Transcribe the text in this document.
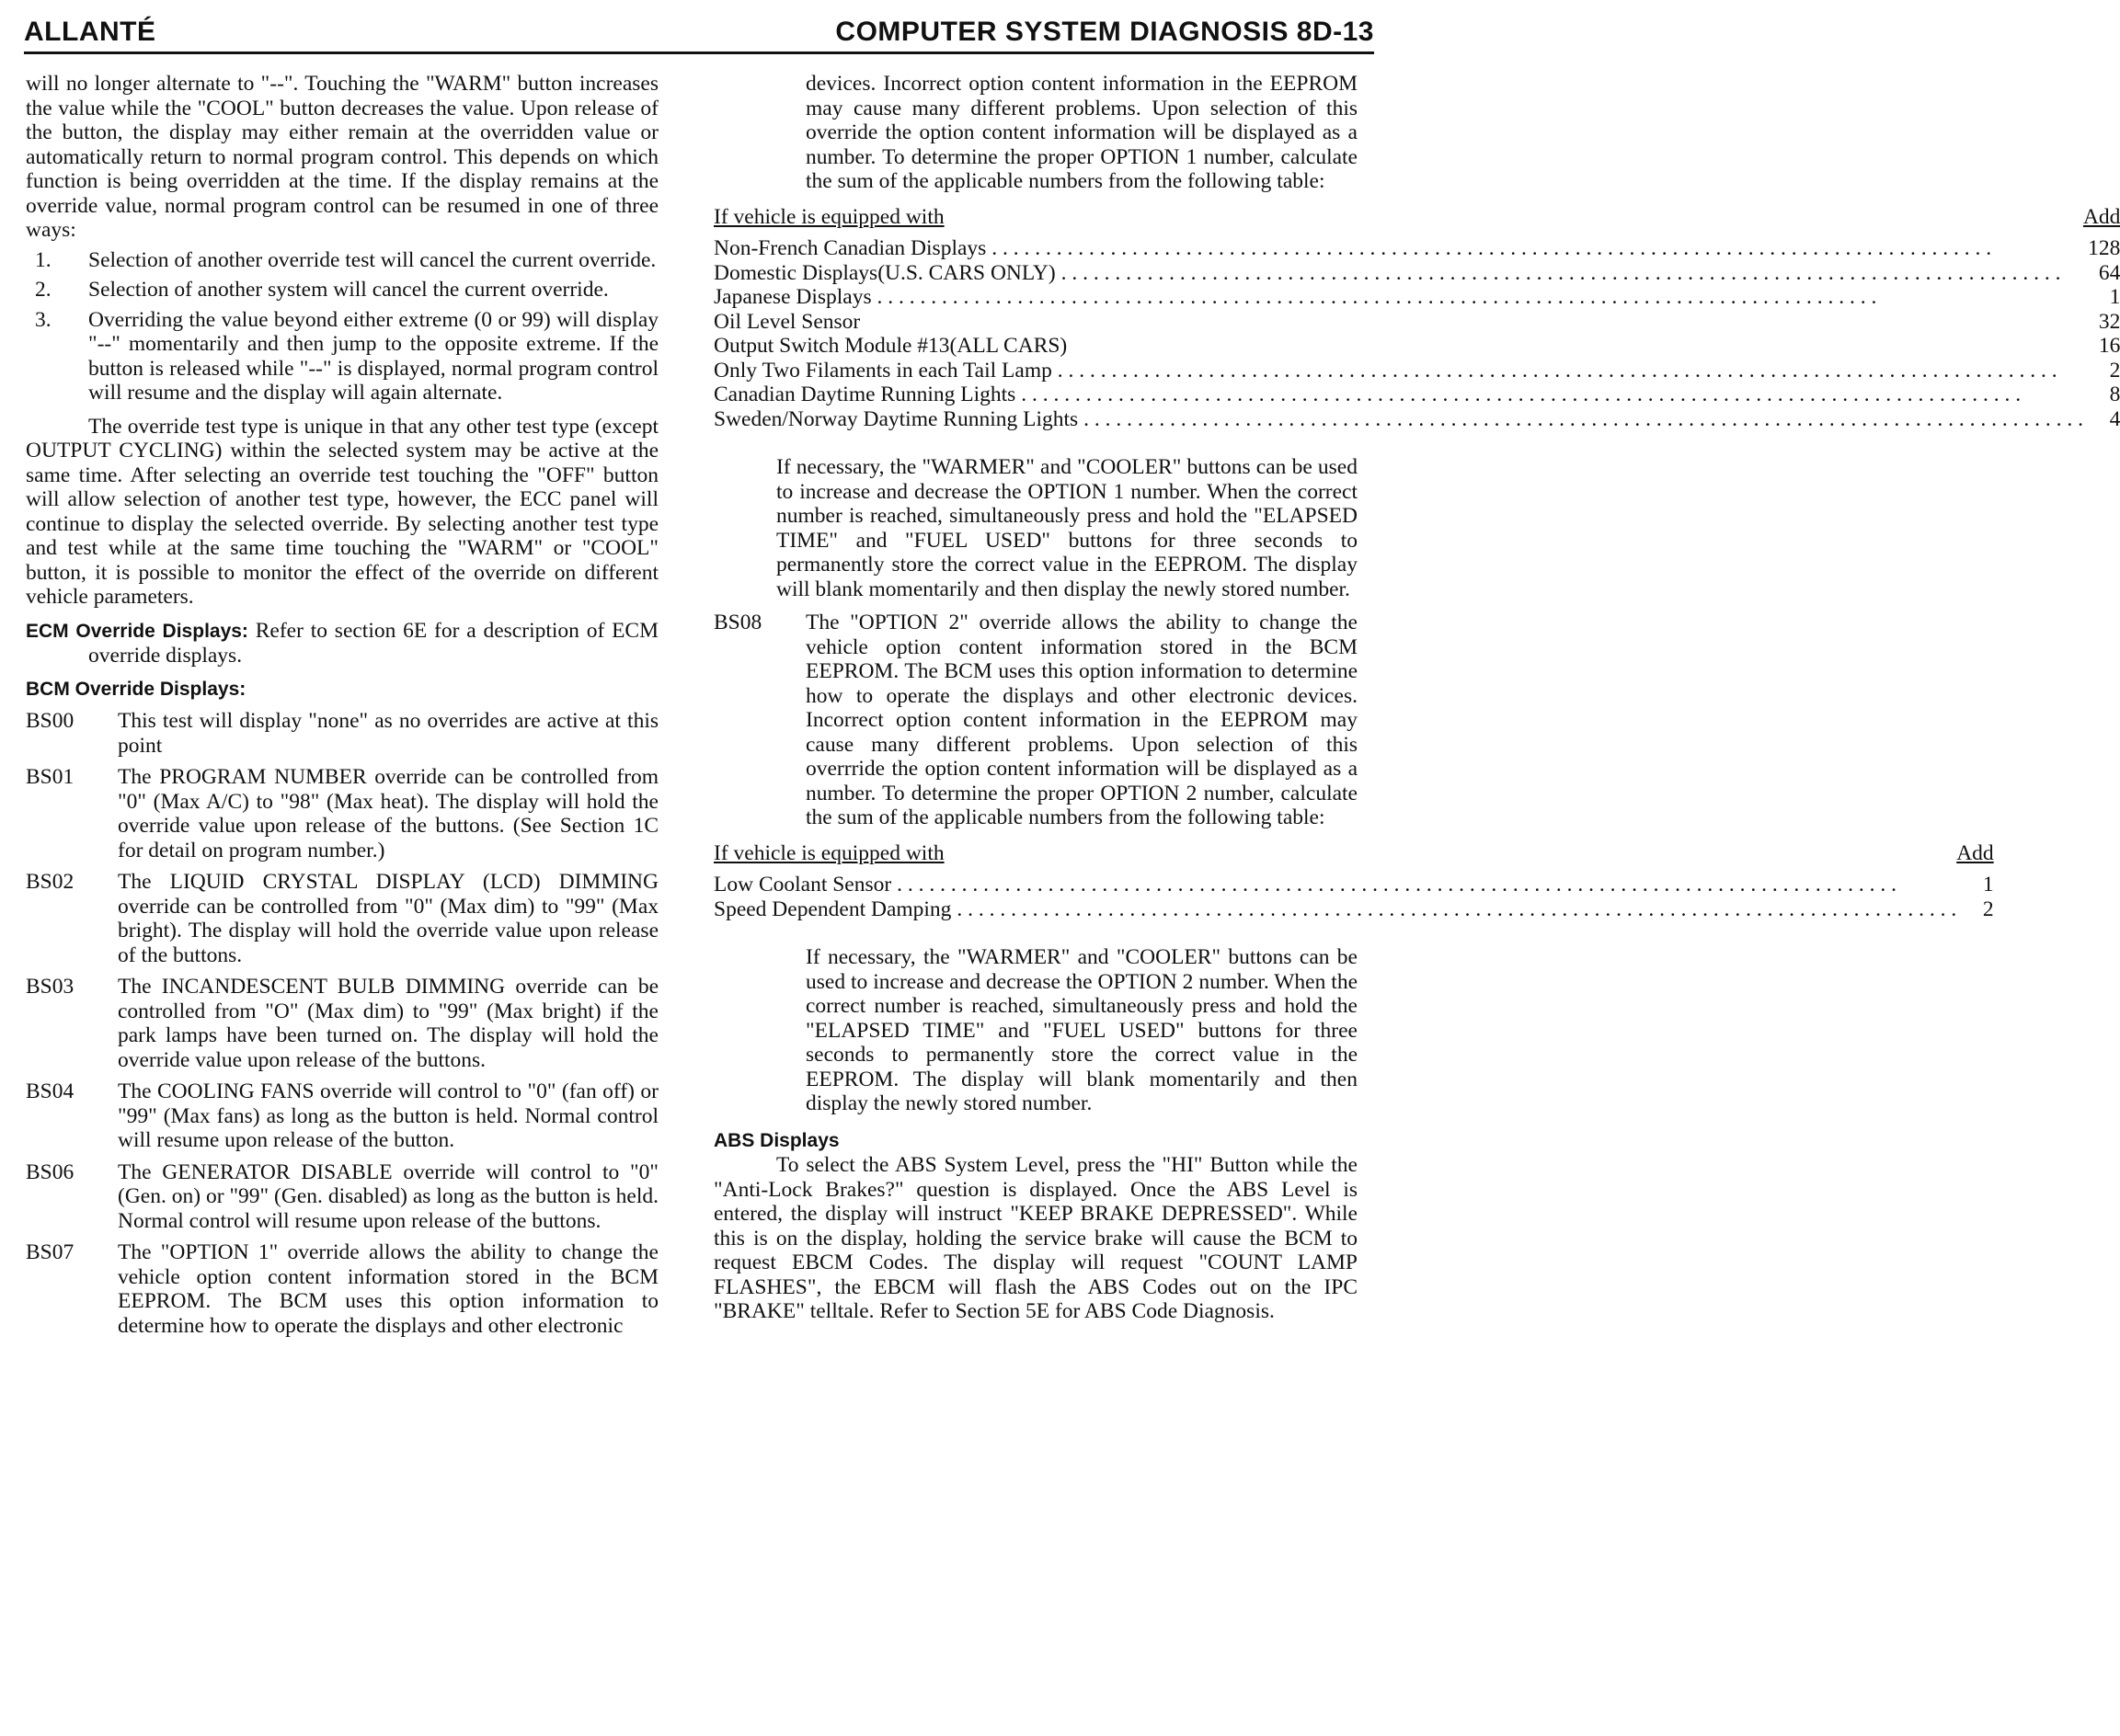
ALLANTÉ	COMPUTER SYSTEM DIAGNOSIS 8D-13

will no longer alternate to "--". Touching the "WARM" button increases the value while the "COOL" button decreases the value. Upon release of the button, the display may either remain at the overridden value or automatically return to normal program control. This depends on which function is being overridden at the time. If the display remains at the override value, normal program control can be resumed in one of three ways:

1. Selection of another override test will cancel the current override.

2. Selection of another system will cancel the current override.

3. Overriding the value beyond either extreme (0 or 99) will display "--" momentarily and then jump to the opposite extreme. If the button is released while "--" is displayed, normal program control will resume and the display will again alternate.

The override test type is unique in that any other test type (except OUTPUT CYCLING) within the selected system may be active at the same time. After selecting an override test touching the "OFF" button will allow selection of another test type, however, the ECC panel will continue to display the selected override. By selecting another test type and test while at the same time touching the "WARM" or "COOL" button, it is possible to monitor the effect of the override on different vehicle parameters.

ECM Override Displays: Refer to section 6E for a description of ECM override displays.

BCM Override Displays:
BS00 This test will display "none" as no overrides are active at this point

BS01 The PROGRAM NUMBER override can be controlled from "0" (Max A/C) to "98" (Max heat). The display will hold the override value upon release of the buttons. (See Section 1C for detail on program number.)

BS02 The LIQUID CRYSTAL DISPLAY (LCD) DIMMING override can be controlled from "0" (Max dim) to "99" (Max bright). The display will hold the override value upon release of the buttons.

BS03 The INCANDESCENT BULB DIMMING override can be controlled from "O" (Max dim) to "99" (Max bright) if the park lamps have been turned on. The display will hold the override value upon release of the buttons.

BS04 The COOLING FANS override will control to "0" (fan off) or "99" (Max fans) as long as the button is held. Normal control will resume upon release of the button.

BS06 The GENERATOR DISABLE override will control to "0" (Gen. on) or "99" (Gen. disabled) as long as the button is held. Normal control will resume upon release of the buttons.

BS07 The "OPTION 1" override allows the ability to change the vehicle option content information stored in the BCM EEPROM. The BCM uses this option information to determine how to operate the displays and other electronic

devices. Incorrect option content information in the EEPROM may cause many different problems. Upon selection of this override the option content information will be displayed as a number. To determine the proper OPTION 1 number, calculate the sum of the applicable numbers from the following table:

If vehicle is equipped with	Add
Non-French Canadian Displays . . .	128
Domestic Displays(U.S. CARS ONLY) . . .	64
Japanese Displays . . .	1
Oil Level Sensor	32
Output Switch Module #13(ALL CARS)	16
Only Two Filaments in each Tail Lamp . . .	2
Canadian Daytime Running Lights . . .	8
Sweden/Norway Daytime Running Lights . . .	4

If necessary, the "WARMER" and "COOLER" buttons can be used to increase and decrease the OPTION 1 number. When the correct number is reached, simultaneously press and hold the "ELAPSED TIME" and "FUEL USED" buttons for three seconds to permanently store the correct value in the EEPROM. The display will blank momentarily and then display the newly stored number.

BS08 The "OPTION 2" override allows the ability to change the vehicle option content information stored in the BCM EEPROM. The BCM uses this option information to determine how to operate the displays and other electronic devices. Incorrect option content information in the EEPROM may cause many different problems. Upon selection of this overrride the option content information will be displayed as a number. To determine the proper OPTION 2 number, calculate the sum of the applicable numbers from the following table:

If vehicle is equipped with	Add
Low Coolant Sensor . . .	1
Speed Dependent Damping . . .	2

If necessary, the "WARMER" and "COOLER" buttons can be used to increase and decrease the OPTION 2 number. When the correct number is reached, simultaneously press and hold the "ELAPSED TIME" and "FUEL USED" buttons for three seconds to permanently store the correct value in the EEPROM. The display will blank momentarily and then display the newly stored number.

ABS Displays

To select the ABS System Level, press the "HI" Button while the "Anti-Lock Brakes?" question is displayed. Once the ABS Level is entered, the display will instruct "KEEP BRAKE DEPRESSED". While this is on the display, holding the service brake will cause the BCM to request EBCM Codes. The display will request "COUNT LAMP FLASHES", the EBCM will flash the ABS Codes out on the IPC "BRAKE" telltale. Refer to Section 5E for ABS Code Diagnosis.
